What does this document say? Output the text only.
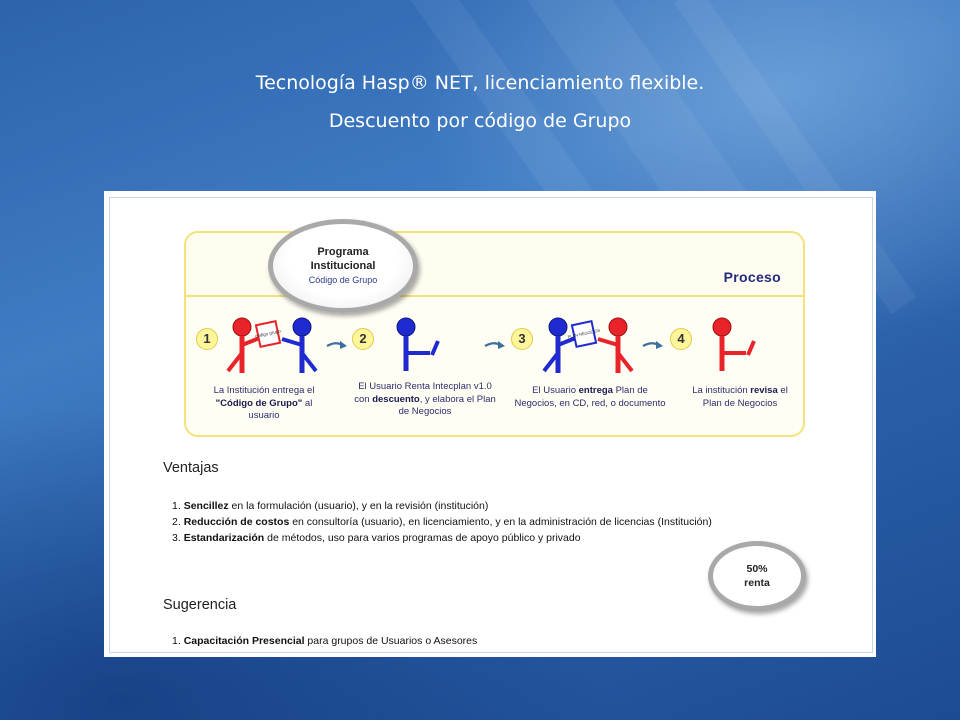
Tecnología Hasp® NET, licenciamiento flexible.
Descuento por código de Grupo
Proceso
1	código grupo
La Institución entrega el "Código de Grupo" al usuario
2
El Usuario Renta Intecplan v1.0 con descuento, y elabora el Plan de Negocios
3	PLAN NEGOCIOS
El Usuario entrega Plan de Negocios, en CD, red, o documento
4
La institución revisa el Plan de Negocios
Programa
Institucional
Código de Grupo
Ventajas
1. Sencillez en la formulación (usuario), y en la revisión (institución)
2. Reducción de costos en consultoría (usuario), en licenciamiento, y en la administración de licencias (Institución)
3. Estandarización de métodos, uso para varios programas de apoyo público y privado
50%
renta
Sugerencia
1. Capacitación Presencial para grupos de Usuarios o Asesores
